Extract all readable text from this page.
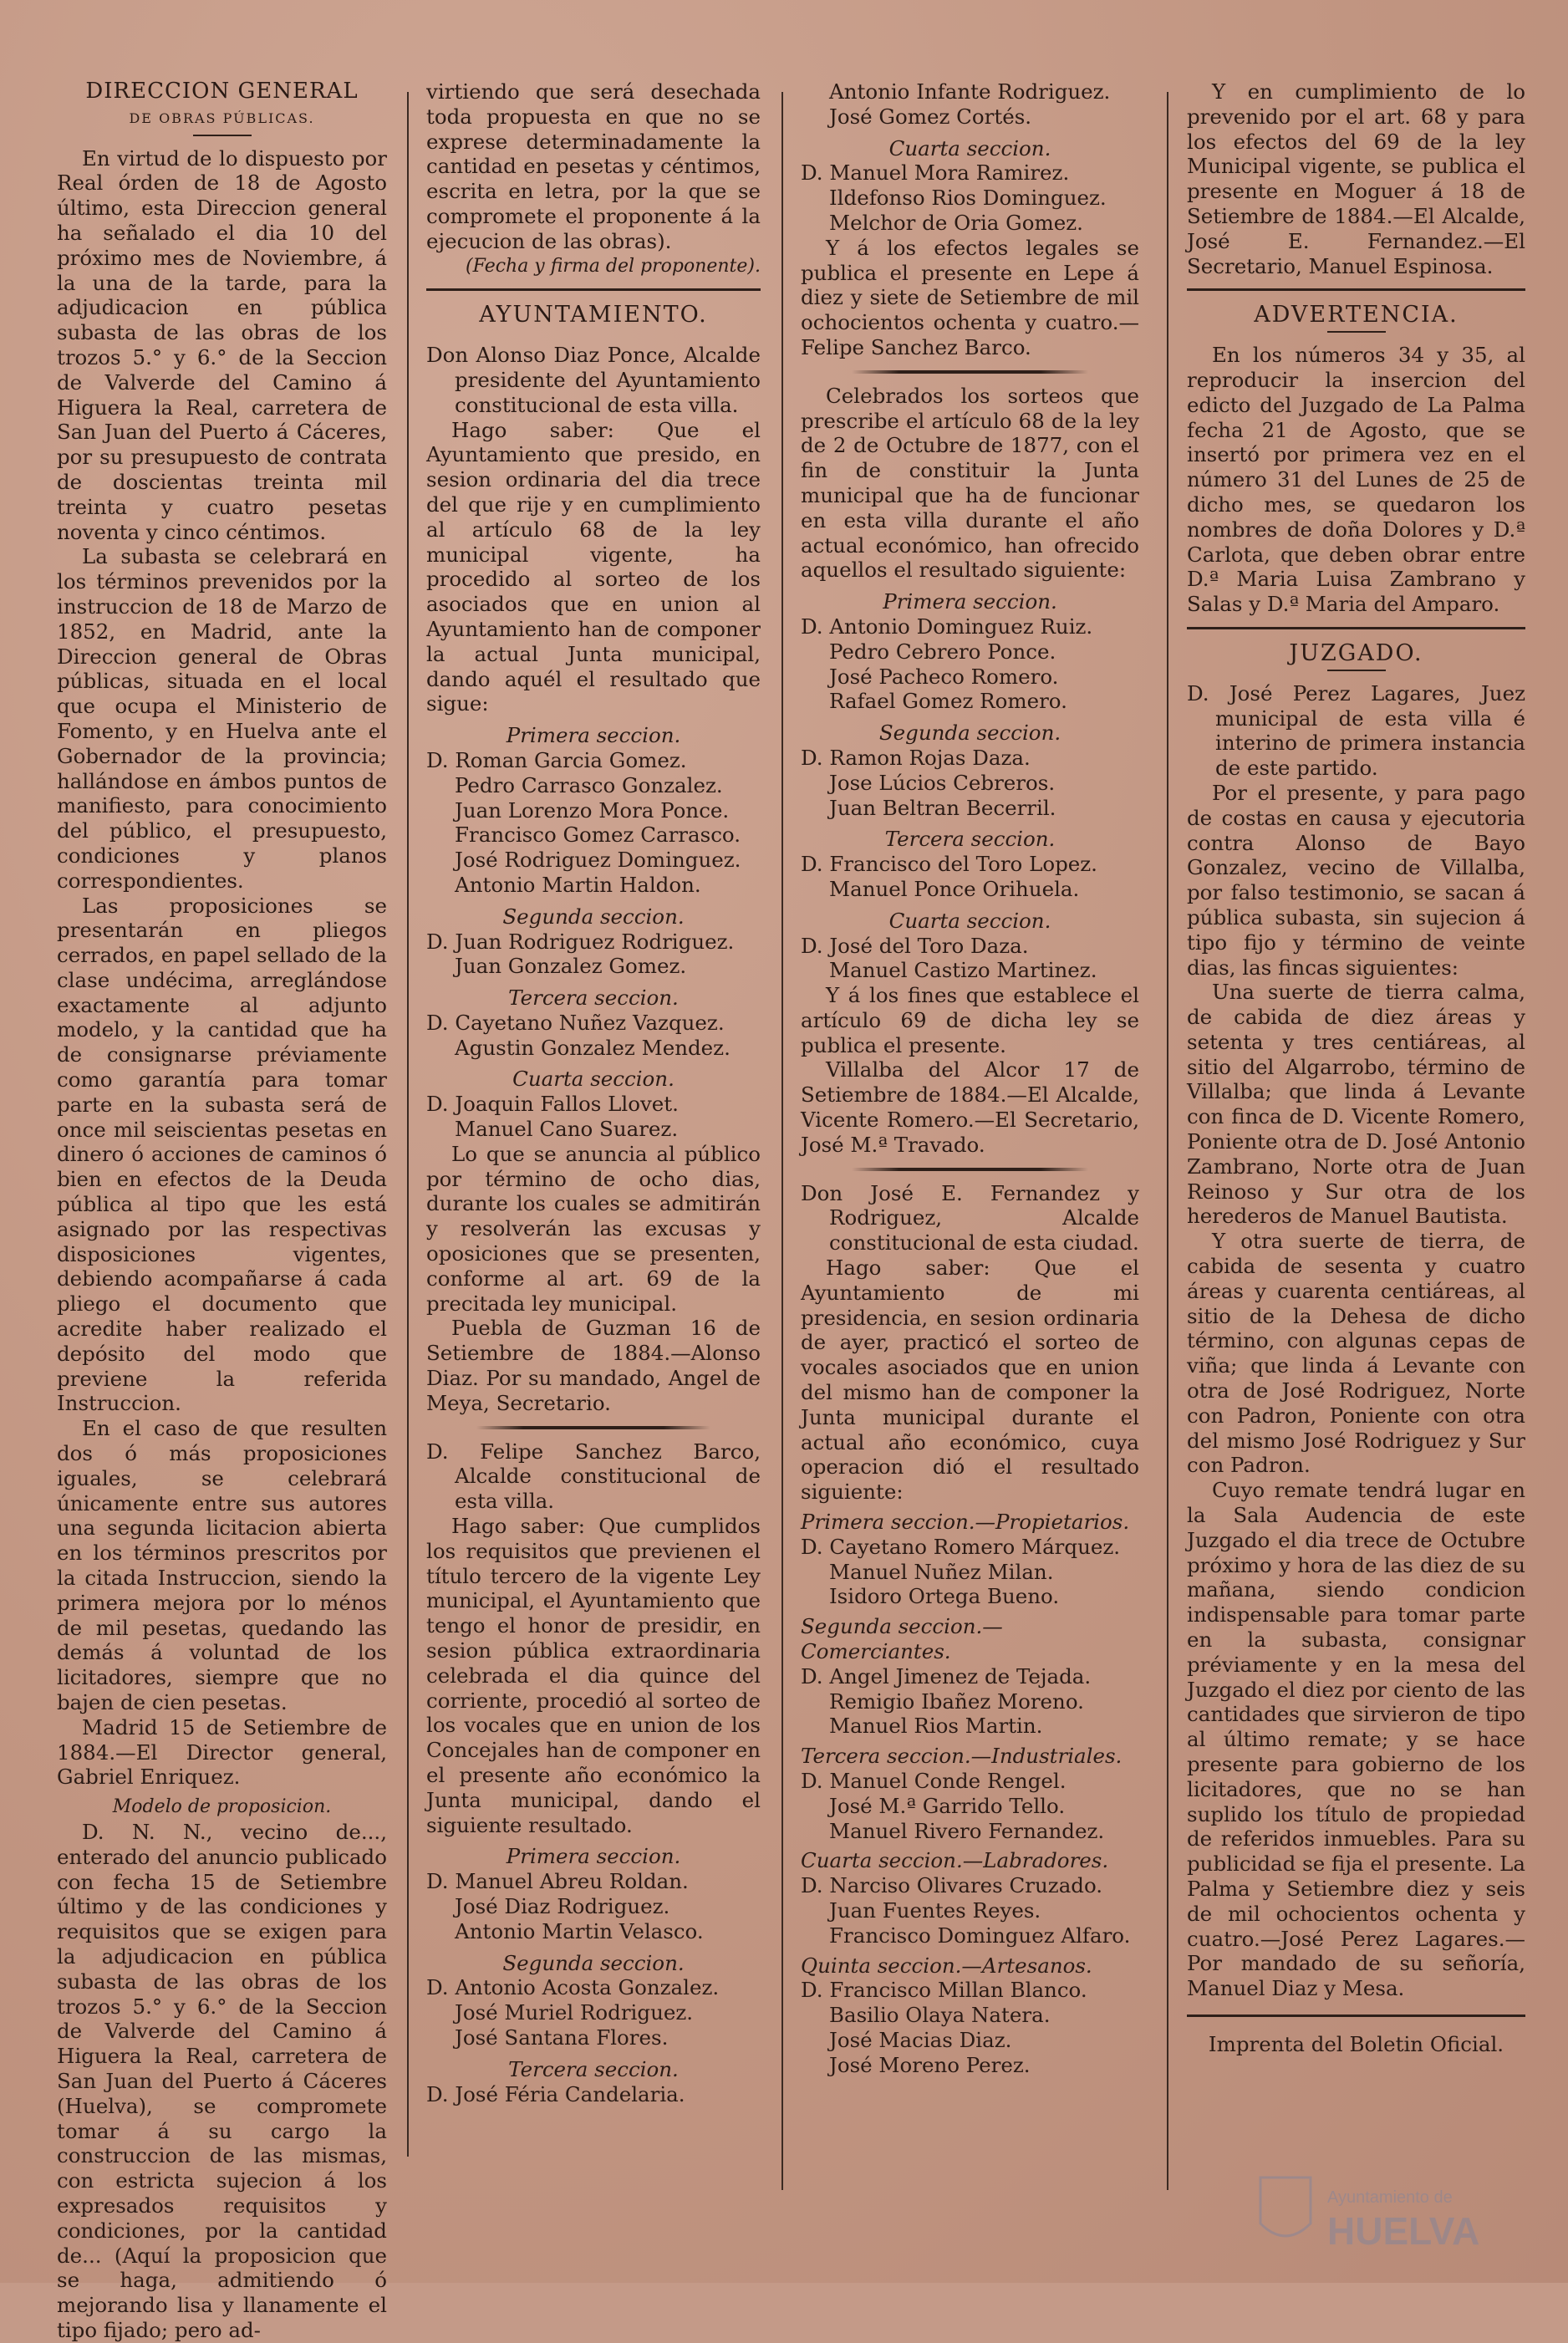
DIRECCION GENERAL
DE OBRAS PÚBLICAS.

En virtud de lo dispuesto por Real órden de 18 de Agosto último, esta Direccion general ha señalado el dia 10 del próximo mes de Noviembre, á la una de la tarde, para la adjudicacion en pública subasta de las obras de los trozos 5.° y 6.° de la Seccion de Valverde del Camino á Higuera la Real, carretera de San Juan del Puerto á Cáceres, por su presupuesto de contrata de doscientas treinta mil treinta y cuatro pesetas noventa y cinco céntimos.

La subasta se celebrará en los términos prevenidos por la instruccion de 18 de Marzo de 1852, en Madrid, ante la Direccion general de Obras públicas, situada en el local que ocupa el Ministerio de Fomento, y en Huelva ante el Gobernador de la provincia; hallándose en ámbos puntos de manifiesto, para conocimiento del público, el presupuesto, condiciones y planos correspondientes.

Las proposiciones se presentarán en pliegos cerrados, en papel sellado de la clase undécima, arreglándose exactamente al adjunto modelo, y la cantidad que ha de consignarse préviamente como garantía para tomar parte en la subasta será de once mil seiscientas pesetas en dinero ó acciones de caminos ó bien en efectos de la Deuda pública al tipo que les está asignado por las respectivas disposiciones vigentes, debiendo acompañarse á cada pliego el documento que acredite haber realizado el depósito del modo que previene la referida Instruccion.

En el caso de que resulten dos ó más proposiciones iguales, se celebrará únicamente entre sus autores una segunda licitacion abierta en los términos prescritos por la citada Instruccion, siendo la primera mejora por lo ménos de mil pesetas, quedando las demás á voluntad de los licitadores, siempre que no bajen de cien pesetas.

Madrid 15 de Setiembre de 1884.—El Director general, Gabriel Enriquez.

Modelo de proposicion.

D. N. N., vecino de..., enterado del anuncio publicado con fecha 15 de Setiembre último y de las condiciones y requisitos que se exigen para la adjudicacion en pública subasta de las obras de los trozos 5.° y 6.° de la Seccion de Valverde del Camino á Higuera la Real, carretera de San Juan del Puerto á Cáceres (Huelva), se compromete tomar á su cargo la construccion de las mismas, con estricta sujecion á los expresados requisitos y condiciones, por la cantidad de... (Aquí la proposicion que se haga, admitiendo ó mejorando lisa y llanamente el tipo fijado; pero ad-

virtiendo que será desechada toda propuesta en que no se exprese determinadamente la cantidad en pesetas y céntimos, escrita en letra, por la que se compromete el proponente á la ejecucion de las obras).

(Fecha y firma del proponente).
AYUNTAMIENTO.

Don Alonso Diaz Ponce, Alcalde presidente del Ayuntamiento constitucional de esta villa.

Hago saber: Que el Ayuntamiento que presido, en sesion ordinaria del dia trece del que rije y en cumplimiento al artículo 68 de la ley municipal vigente, ha procedido al sorteo de los asociados que en union al Ayuntamiento han de componer la actual Junta municipal, dando aquél el resultado que sigue:

Primera seccion.
D. Roman Garcia Gomez.
Pedro Carrasco Gonzalez.
Juan Lorenzo Mora Ponce.
Francisco Gomez Carrasco.
José Rodriguez Dominguez.
Antonio Martin Haldon.
Segunda seccion.
D. Juan Rodriguez Rodriguez.
Juan Gonzalez Gomez.
Tercera seccion.
D. Cayetano Nuñez Vazquez.
Agustin Gonzalez Mendez.
Cuarta seccion.
D. Joaquin Fallos Llovet.
Manuel Cano Suarez.

Lo que se anuncia al público por término de ocho dias, durante los cuales se admitirán y resolverán las excusas y oposiciones que se presenten, conforme al art. 69 de la precitada ley municipal.

Puebla de Guzman 16 de Setiembre de 1884.—Alonso Diaz. Por su mandado, Angel de Meya, Secretario.

D. Felipe Sanchez Barco, Alcalde constitucional de esta villa.

Hago saber: Que cumplidos los requisitos que previenen el título tercero de la vigente Ley municipal, el Ayuntamiento que tengo el honor de presidir, en sesion pública extraordinaria celebrada el dia quince del corriente, procedió al sorteo de los vocales que en union de los Concejales han de componer en el presente año económico la Junta municipal, dando el siguiente resultado.

Primera seccion.
D. Manuel Abreu Roldan.
José Diaz Rodriguez.
Antonio Martin Velasco.
Segunda seccion.
D. Antonio Acosta Gonzalez.
José Muriel Rodriguez.
José Santana Flores.
Tercera seccion.
D. José Féria Candelaria.
Antonio Infante Rodriguez.
José Gomez Cortés.
Cuarta seccion.
D. Manuel Mora Ramirez.
Ildefonso Rios Dominguez.
Melchor de Oria Gomez.

Y á los efectos legales se publica el presente en Lepe á diez y siete de Setiembre de mil ochocientos ochenta y cuatro.—Felipe Sanchez Barco.

Celebrados los sorteos que prescribe el artículo 68 de la ley de 2 de Octubre de 1877, con el fin de constituir la Junta municipal que ha de funcionar en esta villa durante el año actual económico, han ofrecido aquellos el resultado siguiente:

Primera seccion.
D. Antonio Dominguez Ruiz.
Pedro Cebrero Ponce.
José Pacheco Romero.
Rafael Gomez Romero.
Segunda seccion.
D. Ramon Rojas Daza.
Jose Lúcios Cebreros.
Juan Beltran Becerril.
Tercera seccion.
D. Francisco del Toro Lopez.
Manuel Ponce Orihuela.
Cuarta seccion.
D. José del Toro Daza.
Manuel Castizo Martinez.

Y á los fines que establece el artículo 69 de dicha ley se publica el presente.

Villalba del Alcor 17 de Setiembre de 1884.—El Alcalde, Vicente Romero.—El Secretario, José M.ª Travado.

Don José E. Fernandez y Rodriguez, Alcalde constitucional de esta ciudad.

Hago saber: Que el Ayuntamiento de mi presidencia, en sesion ordinaria de ayer, practicó el sorteo de vocales asociados que en union del mismo han de componer la Junta municipal durante el actual año económico, cuya operacion dió el resultado siguiente:

Primera seccion.—Propietarios.
D. Cayetano Romero Márquez.
Manuel Nuñez Milan.
Isidoro Ortega Bueno.
Segunda seccion.—Comerciantes.
D. Angel Jimenez de Tejada.
Remigio Ibañez Moreno.
Manuel Rios Martin.
Tercera seccion.—Industriales.
D. Manuel Conde Rengel.
José M.ª Garrido Tello.
Manuel Rivero Fernandez.
Cuarta seccion.—Labradores.
D. Narciso Olivares Cruzado.
Juan Fuentes Reyes.
Francisco Dominguez Alfaro.
Quinta seccion.—Artesanos.
D. Francisco Millan Blanco.
Basilio Olaya Natera.
José Macias Diaz.
José Moreno Perez.

Y en cumplimiento de lo prevenido por el art. 68 y para los efectos del 69 de la ley Municipal vigente, se publica el presente en Moguer á 18 de Setiembre de 1884.—El Alcalde, José E. Fernandez.—El Secretario, Manuel Espinosa.

ADVERTENCIA.

En los números 34 y 35, al reproducir la insercion del edicto del Juzgado de La Palma fecha 21 de Agosto, que se insertó por primera vez en el número 31 del Lunes de 25 de dicho mes, se quedaron los nombres de doña Dolores y D.ª Carlota, que deben obrar entre D.ª Maria Luisa Zambrano y Salas y D.ª Maria del Amparo.

JUZGADO.

D. José Perez Lagares, Juez municipal de esta villa é interino de primera instancia de este partido.

Por el presente, y para pago de costas en causa y ejecutoria contra Alonso de Bayo Gonzalez, vecino de Villalba, por falso testimonio, se sacan á pública subasta, sin sujecion á tipo fijo y término de veinte dias, las fincas siguientes:

Una suerte de tierra calma, de cabida de diez áreas y setenta y tres centiáreas, al sitio del Algarrobo, término de Villalba; que linda á Levante con finca de D. Vicente Romero, Poniente otra de D. José Antonio Zambrano, Norte otra de Juan Reinoso y Sur otra de los herederos de Manuel Bautista.

Y otra suerte de tierra, de cabida de sesenta y cuatro áreas y cuarenta centiáreas, al sitio de la Dehesa de dicho término, con algunas cepas de viña; que linda á Levante con otra de José Rodriguez, Norte con Padron, Poniente con otra del mismo José Rodriguez y Sur con Padron.

Cuyo remate tendrá lugar en la Sala Audencia de este Juzgado el dia trece de Octubre próximo y hora de las diez de su mañana, siendo condicion indispensable para tomar parte en la subasta, consignar préviamente y en la mesa del Juzgado el diez por ciento de las cantidades que sirvieron de tipo al último remate; y se hace presente para gobierno de los licitadores, que no se han suplido los título de propiedad de referidos inmuebles. Para su publicidad se fija el presente. La Palma y Setiembre diez y seis de mil ochocientos ochenta y cuatro.—José Perez Lagares.—Por mandado de su señoría, Manuel Diaz y Mesa.

Imprenta del Boletin Oficial.
Ayuntamiento de
HUELVA
